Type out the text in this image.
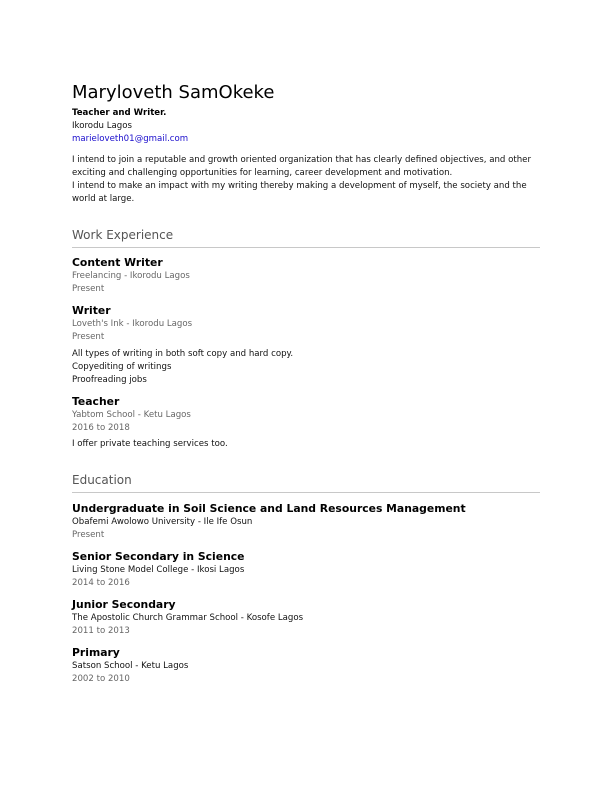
Maryloveth SamOkeke
Teacher and Writer.
Ikorodu Lagos
marieloveth01@gmail.com
I intend to join a reputable and growth oriented organization that has clearly defined objectives, and other exciting and challenging opportunities for learning, career development and motivation.
I intend to make an impact with my writing thereby making a development of myself, the society and the world at large.
Work Experience
Content Writer
Freelancing - Ikorodu Lagos
Present
Writer
Loveth's Ink - Ikorodu Lagos
Present
All types of writing in both soft copy and hard copy.
Copyediting of writings
Proofreading jobs
Teacher
Yabtom School - Ketu Lagos
2016 to 2018
I offer private teaching services too.
Education
Undergraduate in Soil Science and Land Resources Management
Obafemi Awolowo University - Ile Ife Osun
Present
Senior Secondary in Science
Living Stone Model College - Ikosi Lagos
2014 to 2016
Junior Secondary
The Apostolic Church Grammar School - Kosofe Lagos
2011 to 2013
Primary
Satson School - Ketu Lagos
2002 to 2010
